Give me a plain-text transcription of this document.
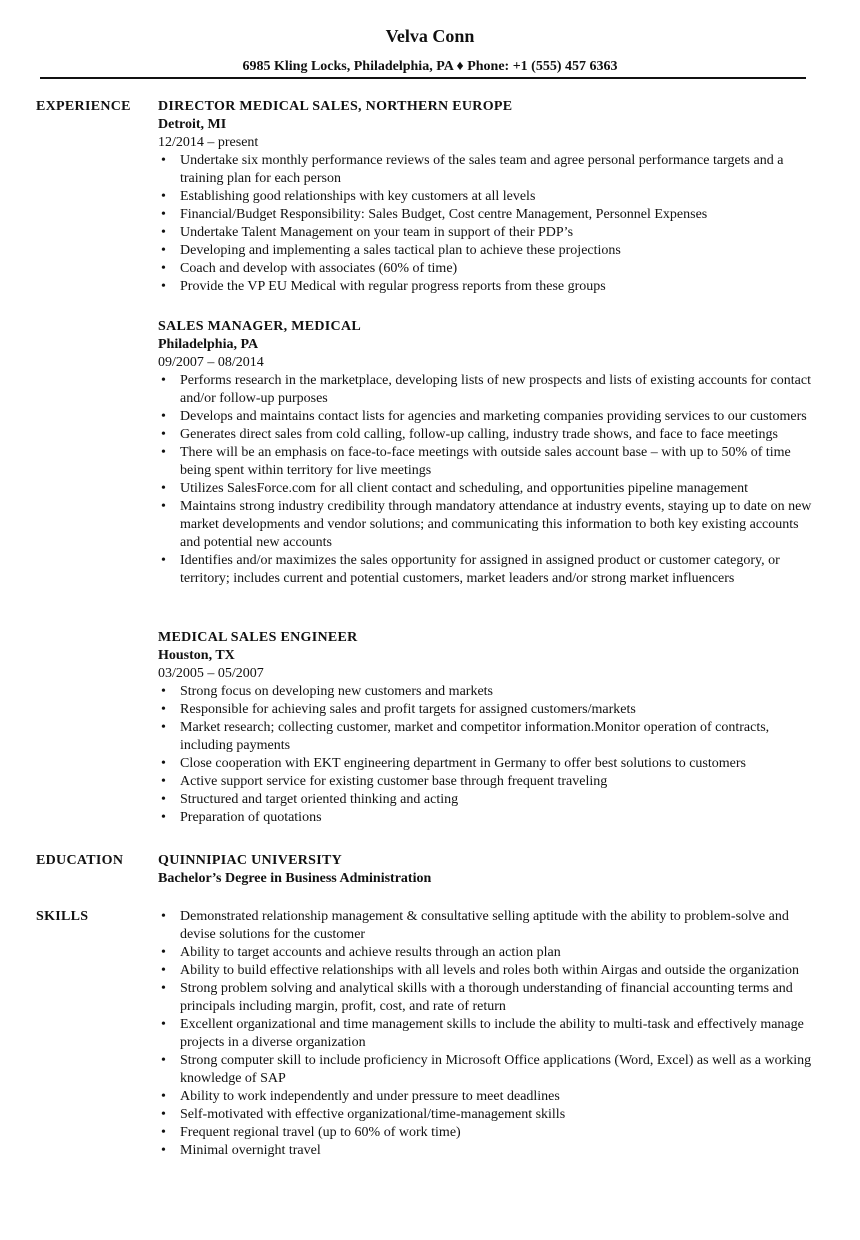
Velva Conn
6985 Kling Locks, Philadelphia, PA ♦ Phone: +1 (555) 457 6363
EXPERIENCE DIRECTOR MEDICAL SALES, NORTHERN EUROPE
Detroit, MI
12/2014 – present
• Undertake six monthly performance reviews of the sales team and agree personal performance targets and a training plan for each person
• Establishing good relationships with key customers at all levels
• Financial/Budget Responsibility: Sales Budget, Cost centre Management, Personnel Expenses
• Undertake Talent Management on your team in support of their PDP’s
• Developing and implementing a sales tactical plan to achieve these projections
• Coach and develop with associates (60% of time)
• Provide the VP EU Medical with regular progress reports from these groups
SALES MANAGER, MEDICAL
Philadelphia, PA
09/2007 – 08/2014
• Performs research in the marketplace, developing lists of new prospects and lists of existing accounts for contact and/or follow-up purposes
• Develops and maintains contact lists for agencies and marketing companies providing services to our customers
• Generates direct sales from cold calling, follow-up calling, industry trade shows, and face to face meetings
• There will be an emphasis on face-to-face meetings with outside sales account base – with up to 50% of time being spent within territory for live meetings
• Utilizes SalesForce.com for all client contact and scheduling, and opportunities pipeline management
• Maintains strong industry credibility through mandatory attendance at industry events, staying up to date on new market developments and vendor solutions; and communicating this information to both key existing accounts and potential new accounts
• Identifies and/or maximizes the sales opportunity for assigned in assigned product or customer category, or territory; includes current and potential customers, market leaders and/or strong market influencers
MEDICAL SALES ENGINEER
Houston, TX
03/2005 – 05/2007
• Strong focus on developing new customers and markets
• Responsible for achieving sales and profit targets for assigned customers/markets
• Market research; collecting customer, market and competitor information.Monitor operation of contracts, including payments
• Close cooperation with EKT engineering department in Germany to offer best solutions to customers
• Active support service for existing customer base through frequent traveling
• Structured and target oriented thinking and acting
• Preparation of quotations
EDUCATION QUINNIPIAC UNIVERSITY
Bachelor’s Degree in Business Administration
SKILLS	• Demonstrated relationship management & consultative selling aptitude with the ability to problem-solve and devise solutions for the customer
• Ability to target accounts and achieve results through an action plan
• Ability to build effective relationships with all levels and roles both within Airgas and outside the organization
• Strong problem solving and analytical skills with a thorough understanding of financial accounting terms and principals including margin, profit, cost, and rate of return
• Excellent organizational and time management skills to include the ability to multi-task and effectively manage projects in a diverse organization
• Strong computer skill to include proficiency in Microsoft Office applications (Word, Excel) as well as a working knowledge of SAP
• Ability to work independently and under pressure to meet deadlines
• Self-motivated with effective organizational/time-management skills
• Frequent regional travel (up to 60% of work time)
• Minimal overnight travel
